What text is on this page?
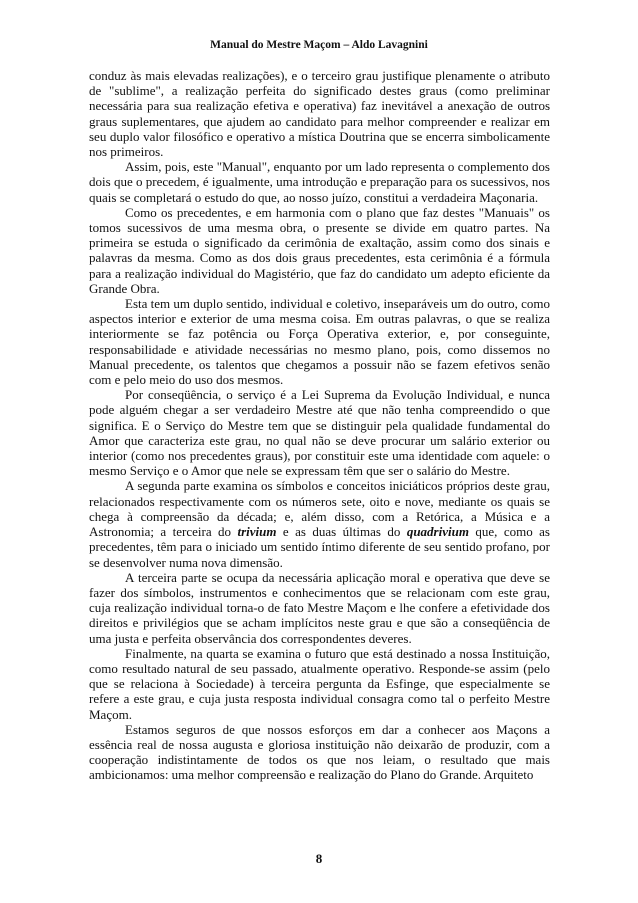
Manual do Mestre Maçom – Aldo Lavagnini

conduz às mais elevadas realizações), e o terceiro grau justifique plenamente o atributo de "sublime", a realização perfeita do significado destes graus (como preliminar necessária para sua realização efetiva e operativa) faz inevitável a anexação de outros graus suplementares, que ajudem ao candidato para melhor compreender e realizar em seu duplo valor filosófico e operativo a mística Doutrina que se encerra simbolicamente nos primeiros.

Assim, pois, este "Manual", enquanto por um lado representa o complemento dos dois que o precedem, é igualmente, uma introdução e preparação para os sucessivos, nos quais se completará o estudo do que, ao nosso juízo, constitui a verdadeira Maçonaria.

Como os precedentes, e em harmonia com o plano que faz destes "Manuais" os tomos sucessivos de uma mesma obra, o presente se divide em quatro partes. Na primeira se estuda o significado da cerimônia de exaltação, assim como dos sinais e palavras da mesma. Como as dos dois graus precedentes, esta cerimônia é a fórmula para a realização individual do Magistério, que faz do candidato um adepto eficiente da Grande Obra.

Esta tem um duplo sentido, individual e coletivo, inseparáveis um do outro, como aspectos interior e exterior de uma mesma coisa. Em outras palavras, o que se realiza interiormente se faz potência ou Força Operativa exterior, e, por conseguinte, responsabilidade e atividade necessárias no mesmo plano, pois, como dissemos no Manual precedente, os talentos que chegamos a possuir não se fazem efetivos senão com e pelo meio do uso dos mesmos.

Por conseqüência, o serviço é a Lei Suprema da Evolução Individual, e nunca pode alguém chegar a ser verdadeiro Mestre até que não tenha compreendido o que significa. E o Serviço do Mestre tem que se distinguir pela qualidade fundamental do Amor que caracteriza este grau, no qual não se deve procurar um salário exterior ou interior (como nos precedentes graus), por constituir este uma identidade com aquele: o mesmo Serviço e o Amor que nele se expressam têm que ser o salário do Mestre.

A segunda parte examina os símbolos e conceitos iniciáticos próprios deste grau, relacionados respectivamente com os números sete, oito e nove, mediante os quais se chega à compreensão da década; e, além disso, com a Retórica, a Música e a Astronomia; a terceira do trivium e as duas últimas do quadrivium que, como as precedentes, têm para o iniciado um sentido íntimo diferente de seu sentido profano, por se desenvolver numa nova dimensão.

A terceira parte se ocupa da necessária aplicação moral e operativa que deve se fazer dos símbolos, instrumentos e conhecimentos que se relacionam com este grau, cuja realização individual torna-o de fato Mestre Maçom e lhe confere a efetividade dos direitos e privilégios que se acham implícitos neste grau e que são a conseqüência de uma justa e perfeita observância dos correspondentes deveres.

Finalmente, na quarta se examina o futuro que está destinado a nossa Instituição, como resultado natural de seu passado, atualmente operativo. Responde-se assim (pelo que se relaciona à Sociedade) à terceira pergunta da Esfinge, que especialmente se refere a este grau, e cuja justa resposta individual consagra como tal o perfeito Mestre Maçom.

Estamos seguros de que nossos esforços em dar a conhecer aos Maçons a essência real de nossa augusta e gloriosa instituição não deixarão de produzir, com a cooperação indistintamente de todos os que nos leiam, o resultado que mais ambicionamos: uma melhor compreensão e realização do Plano do Grande. Arquiteto

8
